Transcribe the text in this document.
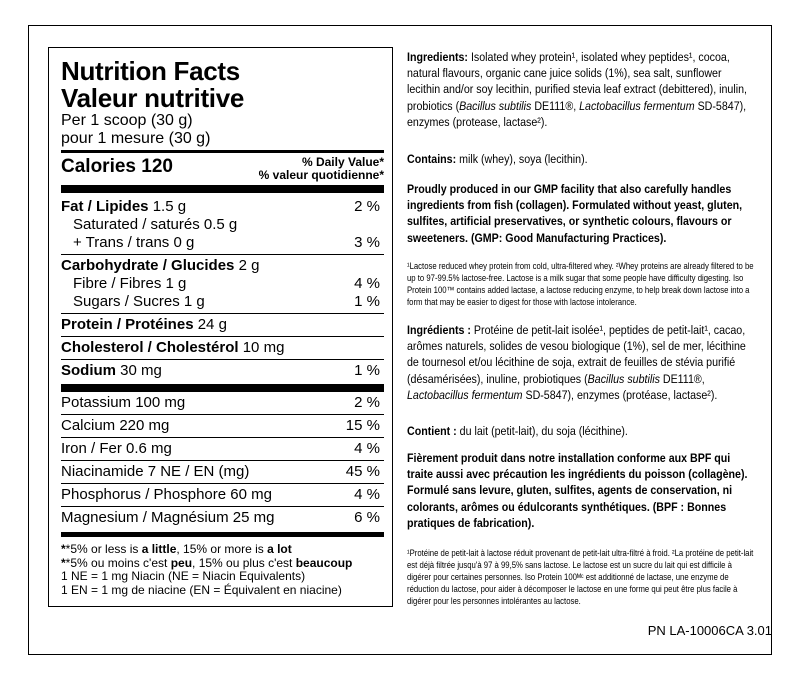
Nutrition Facts
Valeur nutritive
Per 1 scoop (30 g)
pour 1 mesure (30 g)
Calories 120	% Daily Value*
% valeur quotidienne*
Fat / Lipides 1.5 g	2 %
Saturated / saturés 0.5 g
+ Trans / trans 0 g	3 %
Carbohydrate / Glucides 2 g
Fibre / Fibres 1 g	4 %
Sugars / Sucres 1 g	1 %
Protein / Protéines 24 g
Cholesterol / Cholestérol 10 mg
Sodium 30 mg	1 %
Potassium 100 mg	2 %
Calcium 220 mg	15 %
Iron / Fer 0.6 mg	4 %
Niacinamide 7 NE / EN (mg)	45 %
Phosphorus / Phosphore 60 mg	4 %
Magnesium / Magnésium 25 mg	6 %
**5% or less is a little, 15% or more is a lot
**5% ou moins c'est peu, 15% ou plus c'est beaucoup
1 NE = 1 mg Niacin (NE = Niacin Equivalents)
1 EN = 1 mg de niacine (EN = Équivalent en niacine)
Ingredients: Isolated whey protein¹, isolated whey peptides¹, cocoa, natural flavours, organic cane juice solids (1%), sea salt, sunflower lecithin and/or soy lecithin, purified stevia leaf extract (debittered), inulin, probiotics (Bacillus subtilis DE111®, Lactobacillus fermentum SD-5847), enzymes (protease, lactase²).
Contains: milk (whey), soya (lecithin).
Proudly produced in our GMP facility that also carefully handles ingredients from fish (collagen). Formulated without yeast, gluten, sulfites, artificial preservatives, or synthetic colours, flavours or sweeteners. (GMP: Good Manufacturing Practices).
¹Lactose reduced whey protein from cold, ultra-filtered whey. ²Whey proteins are already filtered to be up to 97-99.5% lactose-free. Lactose is a milk sugar that some people have difficulty digesting. Iso Protein 100™ contains added lactase, a lactose reducing enzyme, to help break down lactose into a form that may be easier to digest for those with lactose intolerance.
Ingrédients : Protéine de petit-lait isolée¹, peptides de petit-lait¹, cacao, arômes naturels, solides de vesou biologique (1%), sel de mer, lécithine de tournesol et/ou lécithine de soja, extrait de feuilles de stévia purifié (désamérisées), inuline, probiotiques (Bacillus subtilis DE111®, Lactobacillus fermentum SD-5847), enzymes (protéase, lactase²).
Contient : du lait (petit-lait), du soja (lécithine).
Fièrement produit dans notre installation conforme aux BPF qui traite aussi avec précaution les ingrédients du poisson (collagène). Formulé sans levure, gluten, sulfites, agents de conservation, ni colorants, arômes ou édulcorants synthétiques. (BPF : Bonnes pratiques de fabrication).
¹Protéine de petit-lait à lactose réduit provenant de petit-lait ultra-filtré à froid. ²La protéine de petit-lait est déjà filtrée jusqu'à 97 à 99,5% sans lactose. Le lactose est un sucre du lait qui est difficile à digérer pour certaines personnes. Iso Protein 100ᴹᶜ est additionné de lactase, une enzyme de réduction du lactose, pour aider à décomposer le lactose en une forme qui peut être plus facile à digérer pour les personnes intolérantes au lactose.
PN LA-10006CA 3.01
